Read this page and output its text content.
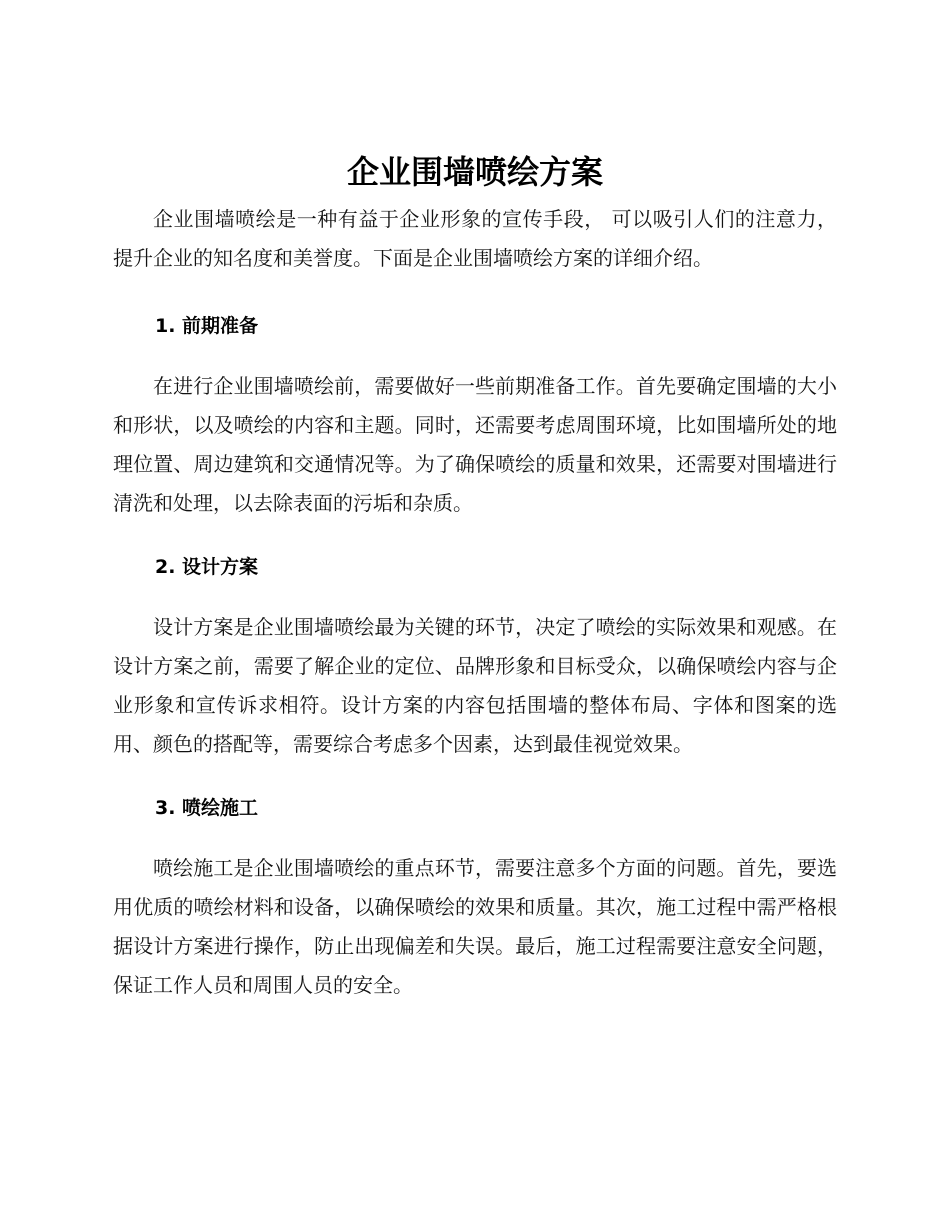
企业围墙喷绘方案

企业围墙喷绘是一种有益于企业形象的宣传手段， 可以吸引人们的注意力，提升企业的知名度和美誉度。下面是企业围墙喷绘方案的详细介绍。

1. 前期准备

在进行企业围墙喷绘前，需要做好一些前期准备工作。首先要确定围墙的大小和形状，以及喷绘的内容和主题。同时，还需要考虑周围环境，比如围墙所处的地理位置、周边建筑和交通情况等。为了确保喷绘的质量和效果，还需要对围墙进行清洗和处理，以去除表面的污垢和杂质。

2. 设计方案

设计方案是企业围墙喷绘最为关键的环节，决定了喷绘的实际效果和观感。在设计方案之前，需要了解企业的定位、品牌形象和目标受众，以确保喷绘内容与企业形象和宣传诉求相符。设计方案的内容包括围墙的整体布局、字体和图案的选用、颜色的搭配等，需要综合考虑多个因素，达到最佳视觉效果。

3. 喷绘施工

喷绘施工是企业围墙喷绘的重点环节，需要注意多个方面的问题。首先，要选用优质的喷绘材料和设备，以确保喷绘的效果和质量。其次，施工过程中需严格根据设计方案进行操作，防止出现偏差和失误。最后，施工过程需要注意安全问题，保证工作人员和周围人员的安全。
